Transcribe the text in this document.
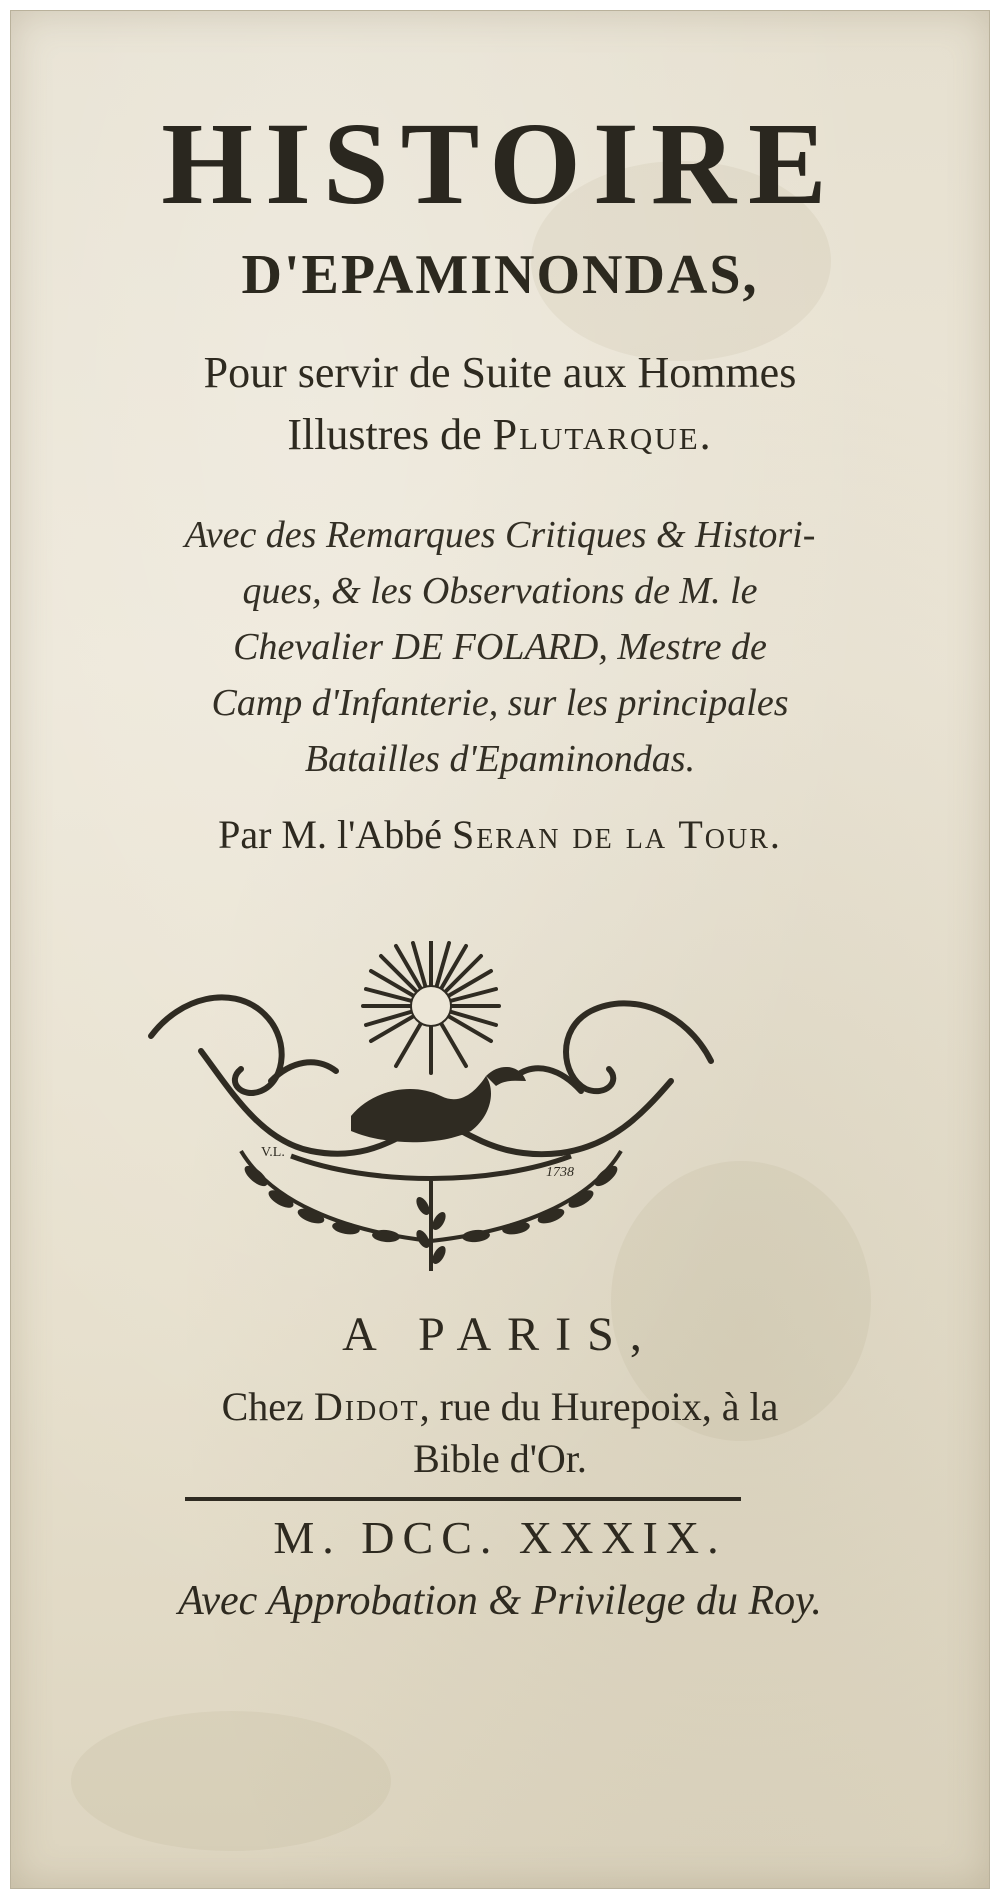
HISTOIRE
D'EPAMINONDAS,
Pour servir de Suite aux Hommes
Illustres de Plutarque.
Avec des Remarques Critiques & Histori-
ques, & les Observations de M. le
Chevalier DE FOLARD, Mestre de
Camp d'Infanterie, sur les principales
Batailles d'Epaminondas.
Par M. l'Abbé Seran de la Tour.
V.L.
1738
A PARIS,
Chez Didot, rue du Hurepoix, à la
Bible d'Or.
M. DCC. XXXIX.
Avec Approbation & Privilege du Roy.
